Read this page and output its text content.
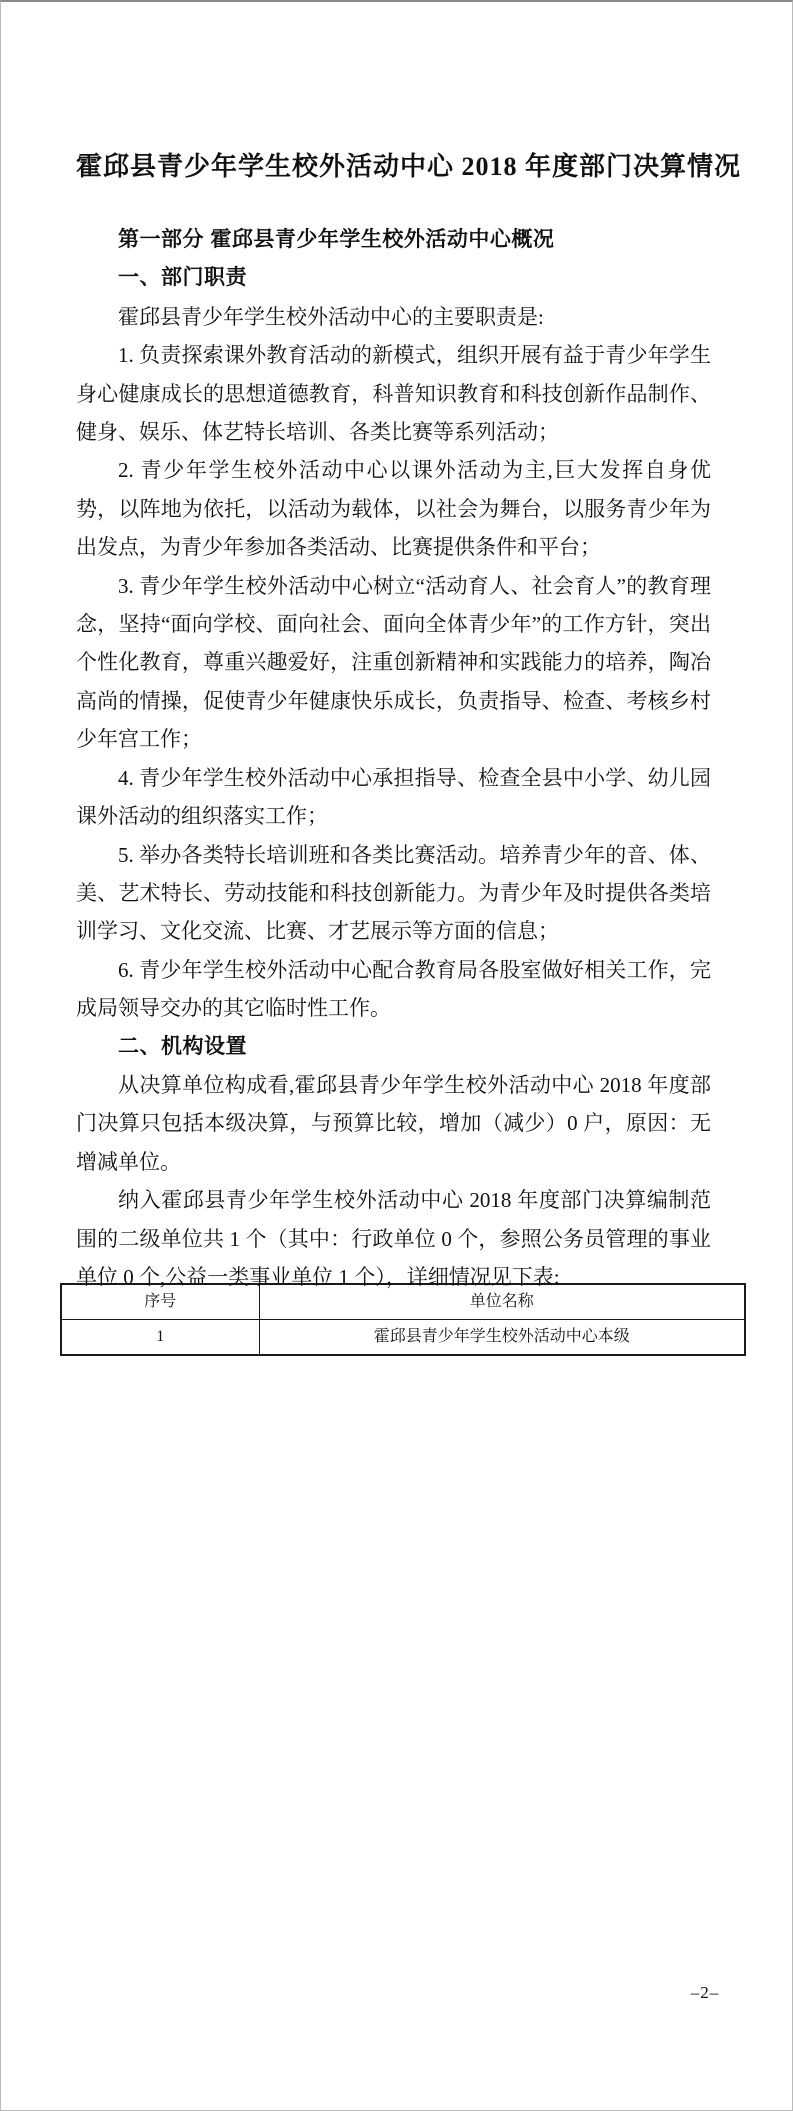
霍邱县青少年学生校外活动中心 2018 年度部门决算情况
第一部分 霍邱县青少年学生校外活动中心概况
一、部门职责
霍邱县青少年学生校外活动中心的主要职责是:
1. 负责探索课外教育活动的新模式，组织开展有益于青少年学生身心健康成长的思想道德教育，科普知识教育和科技创新作品制作、健身、娱乐、体艺特长培训、各类比赛等系列活动；
2. 青少年学生校外活动中心以课外活动为主,巨大发挥自身优势，以阵地为依托，以活动为载体，以社会为舞台，以服务青少年为出发点，为青少年参加各类活动、比赛提供条件和平台；
3. 青少年学生校外活动中心树立“活动育人、社会育人”的教育理念，坚持“面向学校、面向社会、面向全体青少年”的工作方针，突出个性化教育，尊重兴趣爱好，注重创新精神和实践能力的培养，陶冶高尚的情操，促使青少年健康快乐成长，负责指导、检查、考核乡村少年宫工作；
4. 青少年学生校外活动中心承担指导、检查全县中小学、幼儿园课外活动的组织落实工作；
5. 举办各类特长培训班和各类比赛活动。培养青少年的音、体、美、艺术特长、劳动技能和科技创新能力。为青少年及时提供各类培训学习、文化交流、比赛、才艺展示等方面的信息；
6. 青少年学生校外活动中心配合教育局各股室做好相关工作，完成局领导交办的其它临时性工作。
二、机构设置
从决算单位构成看,霍邱县青少年学生校外活动中心 2018 年度部门决算只包括本级决算，与预算比较，增加（减少）0 户，原因：无增减单位。
纳入霍邱县青少年学生校外活动中心 2018 年度部门决算编制范围的二级单位共 1 个（其中：行政单位 0 个，参照公务员管理的事业单位 0 个,公益一类事业单位 1 个），详细情况见下表:
序号	单位名称
1	霍邱县青少年学生校外活动中心本级
–2–
